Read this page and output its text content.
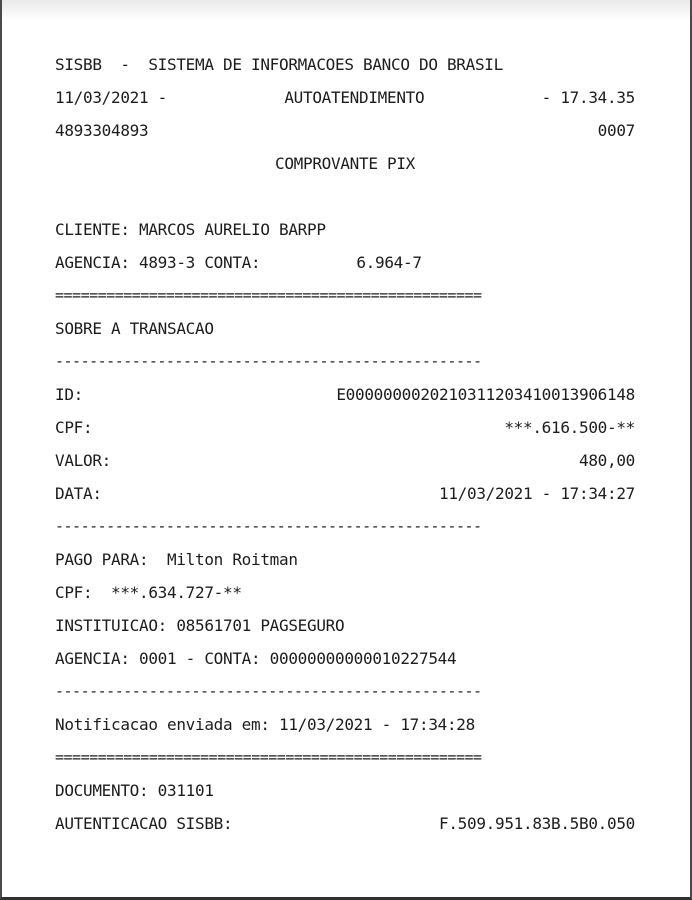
SISBB  -  SISTEMA DE INFORMACOES BANCO DO BRASIL
11/03/2021 -	AUTOATENDIMENTO	- 17.34.35
4893304893	0007
COMPROVANTE PIX
CLIENTE: MARCOS AURELIO BARPP
AGENCIA: 4893-3 CONTA:	6.964-7
==================================================
SOBRE A TRANSACAO
--------------------------------------------------
ID:	E00000000202103112034100139061​48
CPF:	***.616.500-**
VALOR:	480,00
DATA:	11/03/2021 - 17:34:27
--------------------------------------------------
PAGO PARA:  Milton Roitman
CPF:  ***.634.727-**
INSTITUICAO: 08561701 PAGSEGURO
AGENCIA: 0001 - CONTA: 00000000000010227544
--------------------------------------------------
Notificacao enviada em: 11/03/2021 - 17:34:28
==================================================
DOCUMENTO: 031101
AUTENTICACAO SISBB:	F.509.951.83B.5B0.050
